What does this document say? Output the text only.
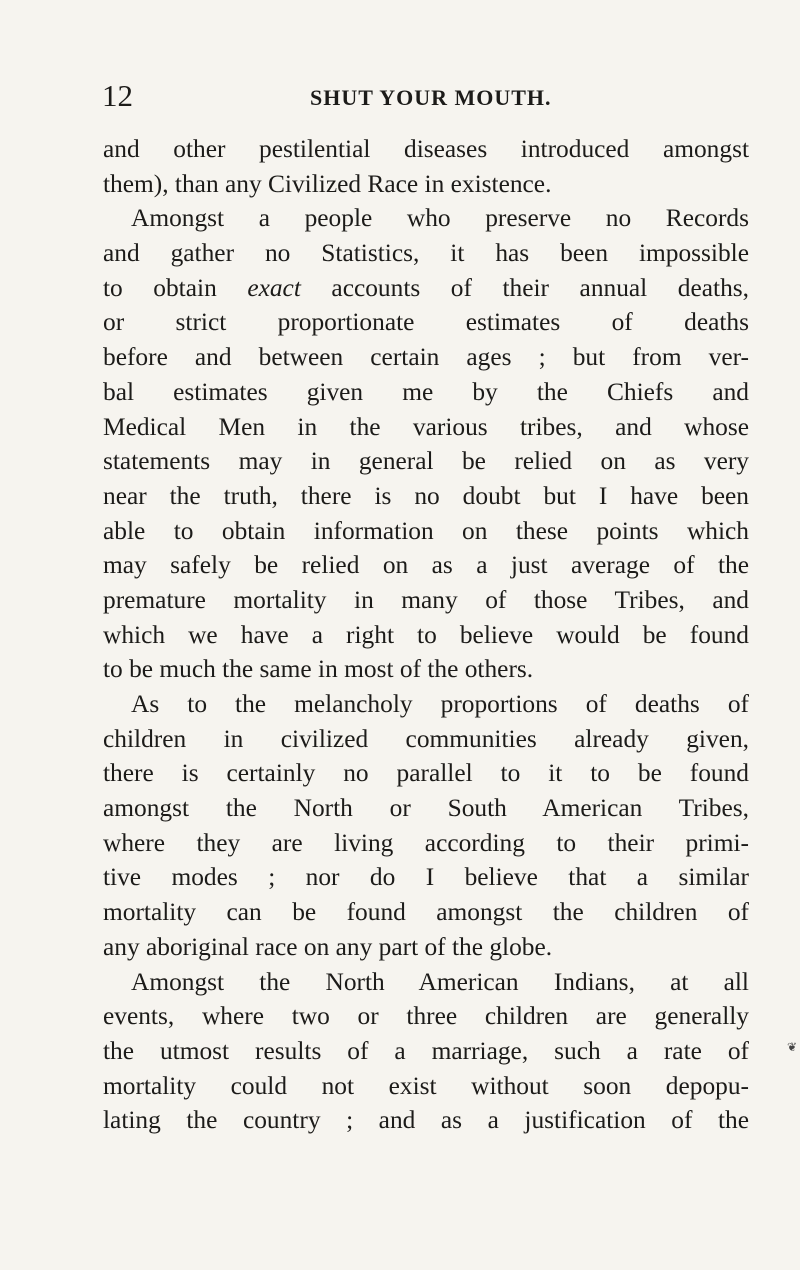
12	SHUT YOUR MOUTH.
and other pestilential diseases introduced amongst
them), than any Civilized Race in existence.
Amongst a people who preserve no Records
and gather no Statistics, it has been impossible
to obtain exact accounts of their annual deaths,
or strict proportionate estimates of deaths
before and between certain ages ; but from ver-
bal estimates given me by the Chiefs and
Medical Men in the various tribes, and whose
statements may in general be relied on as very
near the truth, there is no doubt but I have been
able to obtain information on these points which
may safely be relied on as a just average of the
premature mortality in many of those Tribes, and
which we have a right to believe would be found
to be much the same in most of the others.
As to the melancholy proportions of deaths of
children in civilized communities already given,
there is certainly no parallel to it to be found
amongst the North or South American Tribes,
where they are living according to their primi-
tive modes ; nor do I believe that a similar
mortality can be found amongst the children of
any aboriginal race on any part of the globe.
Amongst the North American Indians, at all
events, where two or three children are generally
the utmost results of a marriage, such a rate of
mortality could not exist without soon depopu-
lating the country ; and as a justification of the
❦
